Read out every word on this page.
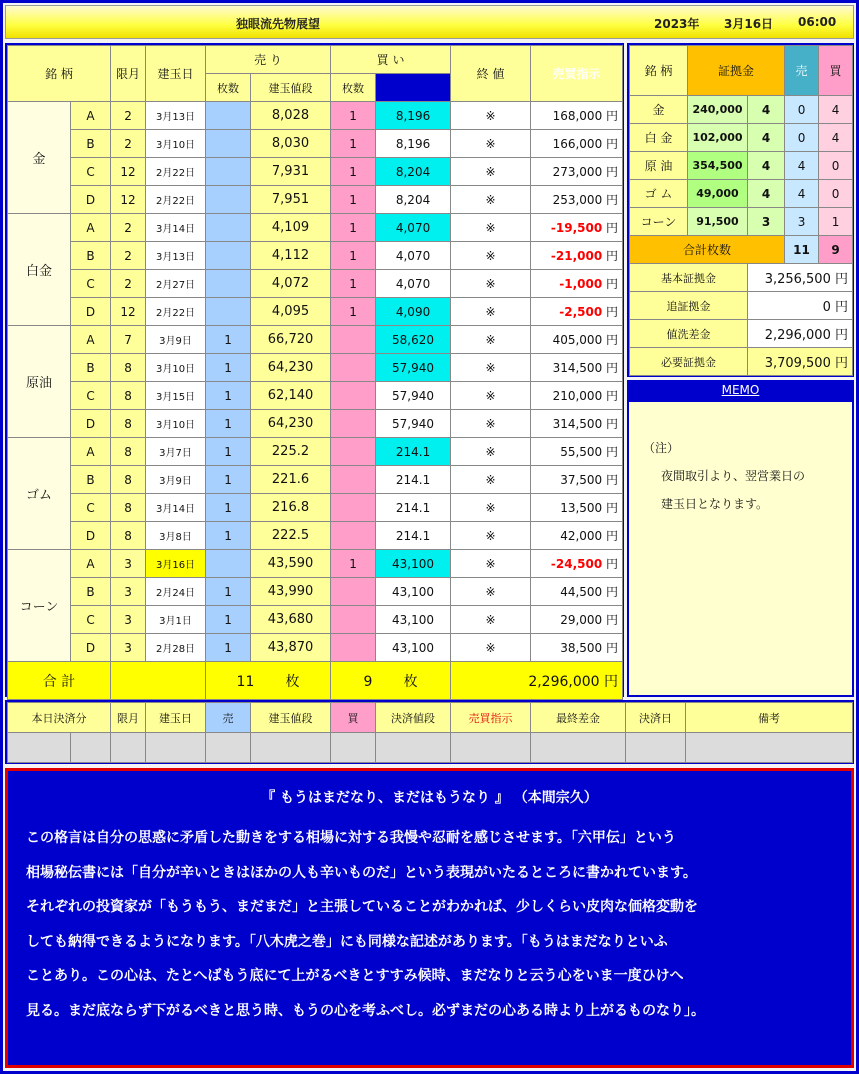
独眼流先物展望	2023年 3月16日 06:00
銘 柄		限月	建玉日	売 り		買 い		終 値	売買指示	
				枚数	建玉値段	枚数				
金	A	2	3月13日		8,028	1	8,196	※	168,000 円	
	B	2	3月10日		8,030	1	8,196	※	166,000 円	
	C	12	2月22日		7,931	1	8,204	※	273,000 円	
	D	12	2月22日		7,951	1	8,204	※	253,000 円	
白金	A	2	3月14日		4,109	1	4,070	※	-19,500 円	
	B	2	3月13日		4,112	1	4,070	※	-21,000 円	
	C	2	2月27日		4,072	1	4,070	※	-1,000 円	
	D	12	2月22日		4,095	1	4,090	※	-2,500 円	
原油	A	7	3月9日	1	66,720		58,620	※	405,000 円	
	B	8	3月10日	1	64,230		57,940	※	314,500 円	
	C	8	3月15日	1	62,140		57,940	※	210,000 円	
	D	8	3月10日	1	64,230		57,940	※	314,500 円	
ゴム	A	8	3月7日	1	225.2		214.1	※	55,500 円	
	B	8	3月9日	1	221.6		214.1	※	37,500 円	
	C	8	3月14日	1	216.8		214.1	※	13,500 円	
	D	8	3月8日	1	222.5		214.1	※	42,000 円	
コーン	A	3	3月16日		43,590	1	43,100	※	-24,500 円	
	B	3	2月24日	1	43,990		43,100	※	44,500 円	
	C	3	3月1日	1	43,680		43,100	※	29,000 円	
	D	3	2月28日	1	43,870		43,100	※	38,500 円	
合 計				11 枚		9 枚		2,296,000 円		
銘 柄	証拠金		売	買
金	240,000	4	0	4
白 金	102,000	4	0	4
原 油	354,500	4	4	0
ゴ ム	49,000	4	4	0
コーン	91,500	3	3	1
合計枚数			11	9
基本証拠金		3,256,500 円		
追証拠金		0 円		
値洗差金		2,296,000 円		
必要証拠金		3,709,500 円		
MEMO
（注）
夜間取引より、翌営業日の
建玉日となります。
本日決済分		限月	建玉日	売	建玉値段	買	決済値段	売買指示	最終差金	決済日	備考

『 もうはまだなり、まだはもうなり 』 （本間宗久）

この格言は自分の思惑に矛盾した動きをする相場に対する我慢や忍耐を感じさせます。「六甲伝」という

相場秘伝書には「自分が辛いときはほかの人も辛いものだ」という表現がいたるところに書かれています。

それぞれの投資家が「もうもう、まだまだ」と主張していることがわかれば、少しくらい皮肉な価格変動を

しても納得できるようになります。「八木虎之巻」にも同様な記述があります。「もうはまだなりといふ

ことあり。この心は、たとへばもう底にて上がるべきとすすみ候時、まだなりと云う心をいま一度ひけへ

見る。まだ底ならず下がるべきと思う時、もうの心を考ふべし。必ずまだの心ある時より上がるものなり」。
